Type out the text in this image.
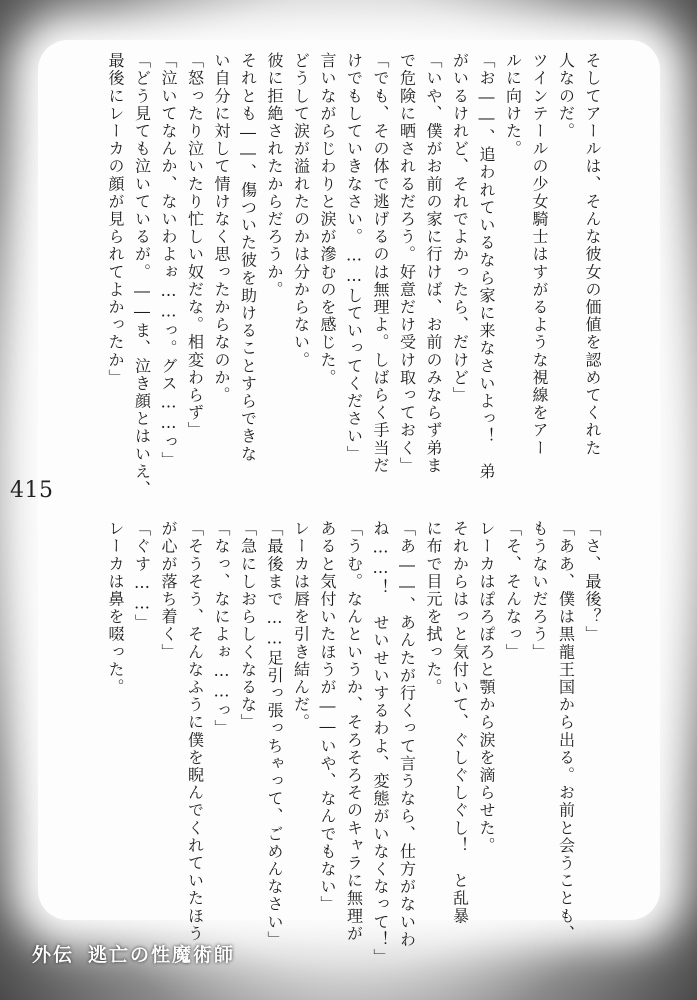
そしてアールは、そんな彼女の価値を認めてくれた
人なのだ。
ツインテールの少女騎士はすがるような視線をアー
ルに向けた。
「お――、追われているなら家に来なさいよっ！　弟
がいるけれど、それでよかったら、だけど」
「いや、僕がお前の家に行けば、お前のみならず弟ま
で危険に晒されるだろう。好意だけ受け取っておく」
「でも、その体で逃げるのは無理よ。しばらく手当だ
けでもしていきなさい。……していってください」
言いながらじわりと涙が滲むのを感じた。
どうして涙が溢れたのかは分からない。
彼に拒絶されたからだろうか。
それとも――、傷ついた彼を助けることすらできな
い自分に対して情けなく思ったからなのか。
「怒ったり泣いたり忙しい奴だな。相変わらず」
「泣いてなんか、ないわよぉ……っ。グス……っ」
「どう見ても泣いているが。――ま、泣き顔とはいえ、
最後にレーカの顔が見られてよかったか」
415
「さ、最後？」
「ああ、僕は黒龍王国から出る。お前と会うことも、
もうないだろう」
「そ、そんなっ」
レーカはぽろぽろと顎から涙を滴らせた。
それからはっと気付いて、ぐしぐしぐし！　と乱暴
に布で目元を拭った。
「あ――、あんたが行くって言うなら、仕方がないわ
ね……！　せいせいするわよ、変態がいなくなって！」
「うむ。なんというか、そろそろそのキャラに無理が
あると気付いたほうが――いや、なんでもない」
レーカは唇を引き結んだ。
「最後まで……足引っ張っちゃって、ごめんなさい」
「急にしおらしくなるな」
「なっ、なによぉ……っ」
「そうそう、そんなふうに僕を睨んでくれていたほう
が心が落ち着く」
「ぐす……」
レーカは鼻を啜った。
外伝 逃亡の性魔術師
